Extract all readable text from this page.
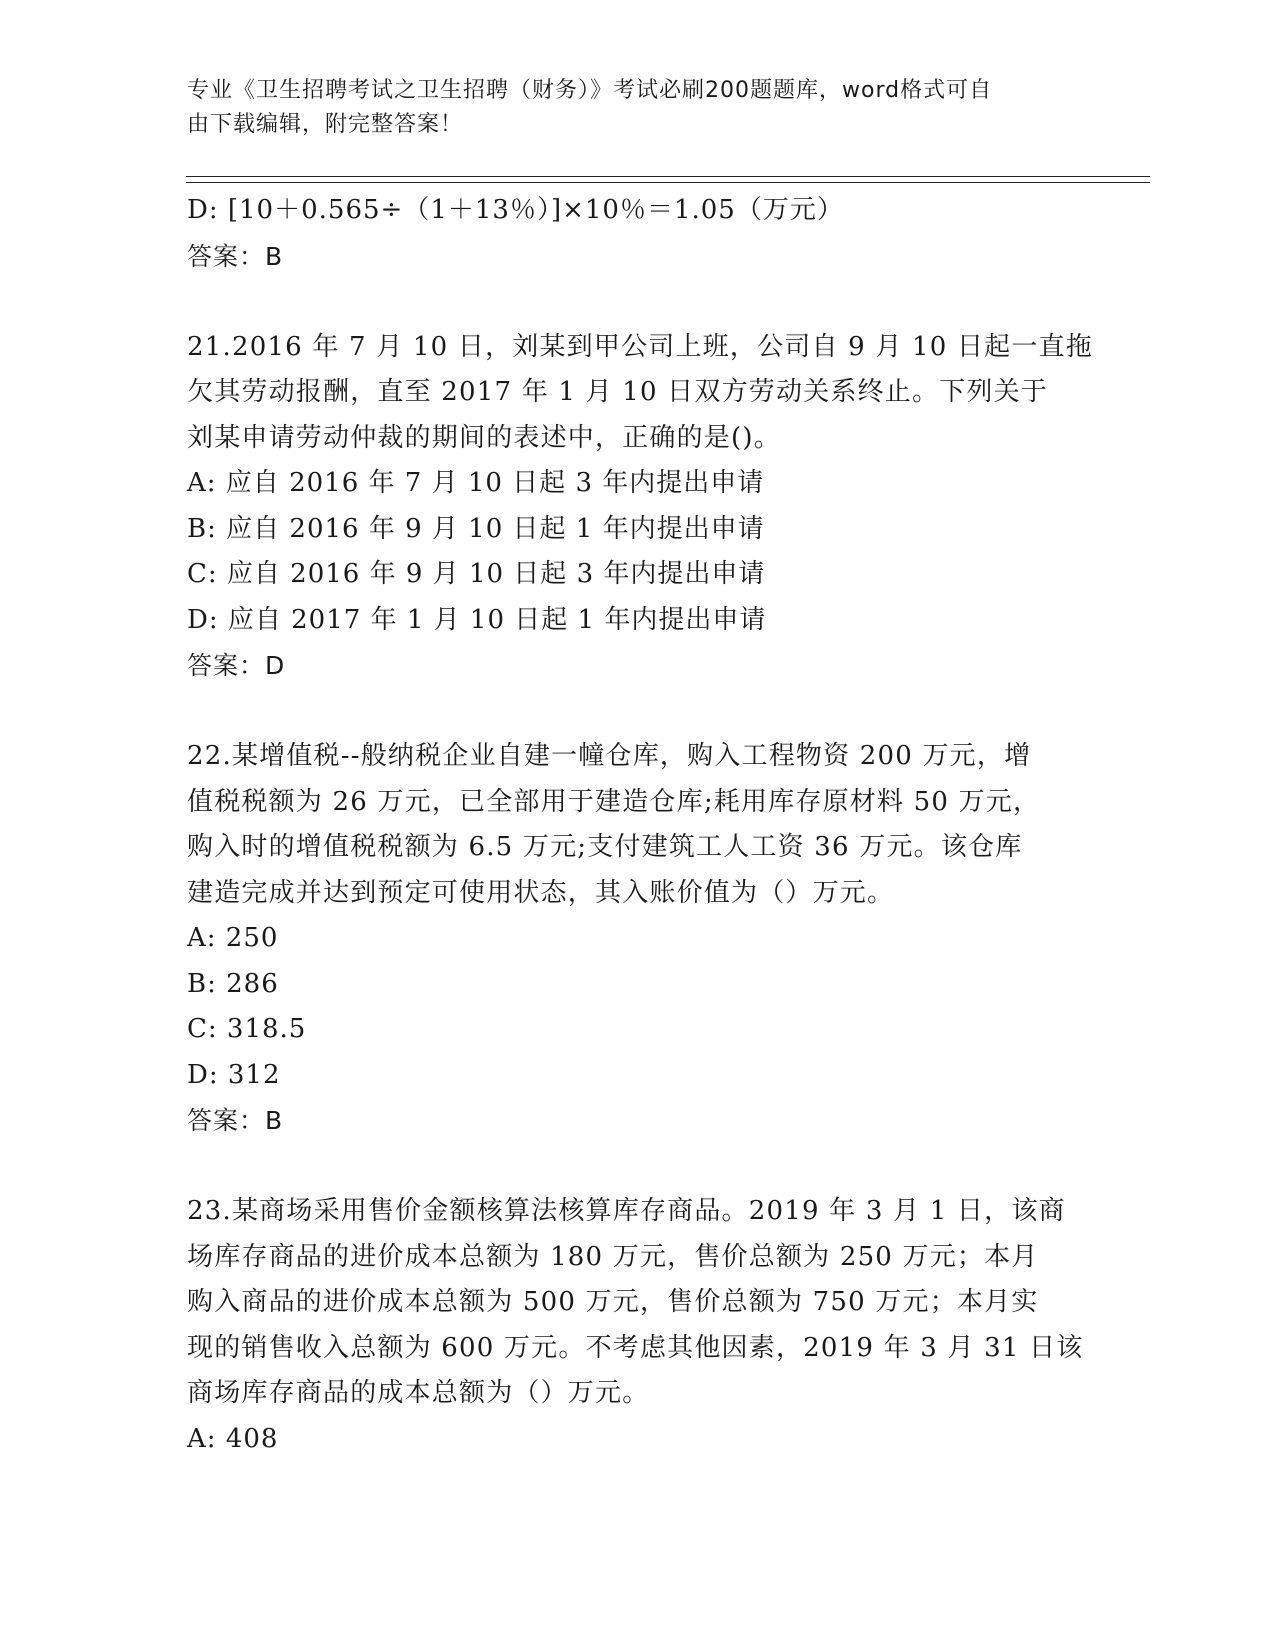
专业《卫生招聘考试之卫生招聘（财务）》考试必刷200题题库，word格式可自
由下载编辑，附完整答案！
D: [10＋0.565÷（1＋13％）]×10％＝1.05（万元）
答案：B
21.2016 年 7 月 10 日，刘某到甲公司上班，公司自 9 月 10 日起一直拖
欠其劳动报酬，直至 2017 年 1 月 10 日双方劳动关系终止。下列关于
刘某申请劳动仲裁的期间的表述中，正确的是()。
A: 应自 2016 年 7 月 10 日起 3 年内提出申请
B: 应自 2016 年 9 月 10 日起 1 年内提出申请
C: 应自 2016 年 9 月 10 日起 3 年内提出申请
D: 应自 2017 年 1 月 10 日起 1 年内提出申请
答案：D
22.某增值税--般纳税企业自建一幢仓库，购入工程物资 200 万元，增
值税税额为 26 万元，已全部用于建造仓库;耗用库存原材料 50 万元，
购入时的增值税税额为 6.5 万元;支付建筑工人工资 36 万元。该仓库
建造完成并达到预定可使用状态，其入账价值为（）万元。
A: 250
B: 286
C: 318.5
D: 312
答案：B
23.某商场采用售价金额核算法核算库存商品。2019 年 3 月 1 日，该商
场库存商品的进价成本总额为 180 万元，售价总额为 250 万元；本月
购入商品的进价成本总额为 500 万元，售价总额为 750 万元；本月实
现的销售收入总额为 600 万元。不考虑其他因素，2019 年 3 月 31 日该
商场库存商品的成本总额为（）万元。
A: 408
